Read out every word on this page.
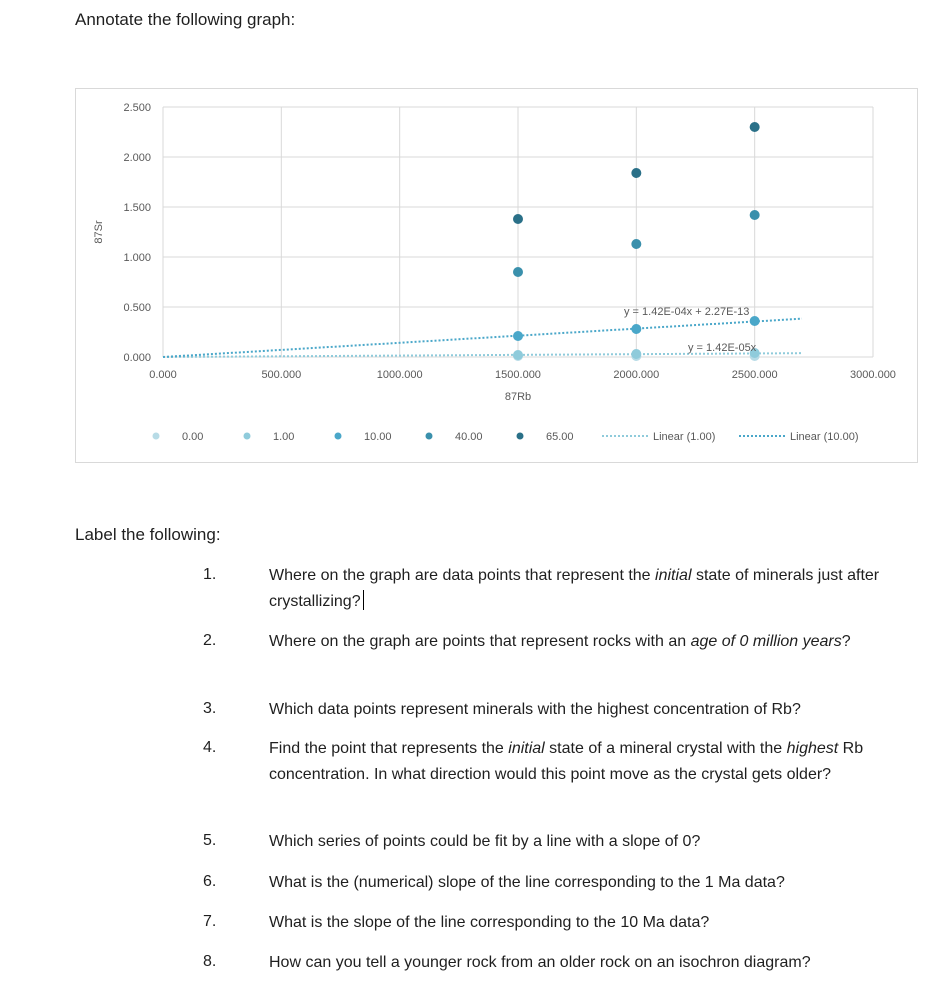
Annotate the following graph:
0.000
0.500
1.000
1.500
2.000
2.500
0.000	500.000	1000.000	1500.000	2000.000	2500.000	3000.000
87Rb
87Sr
y = 1.42E-04x + 2.27E-13
y = 1.42E-05x
0.00	1.00	10.00	40.00	65.00	Linear (1.00)	Linear (10.00)
Label the following:
1.	Where on the graph are data points that represent the initial state of minerals just after crystallizing?
2.	Where on the graph are points that represent rocks with an age of 0 million years?
3.	Which data points represent minerals with the highest concentration of Rb?
4.	Find the point that represents the initial state of a mineral crystal with the highest Rb concentration. In what direction would this point move as the crystal gets older?
5.	Which series of points could be fit by a line with a slope of 0?
6.	What is the (numerical) slope of the line corresponding to the 1 Ma data?
7.	What is the slope of the line corresponding to the 10 Ma data?
8.	How can you tell a younger rock from an older rock on an isochron diagram?
